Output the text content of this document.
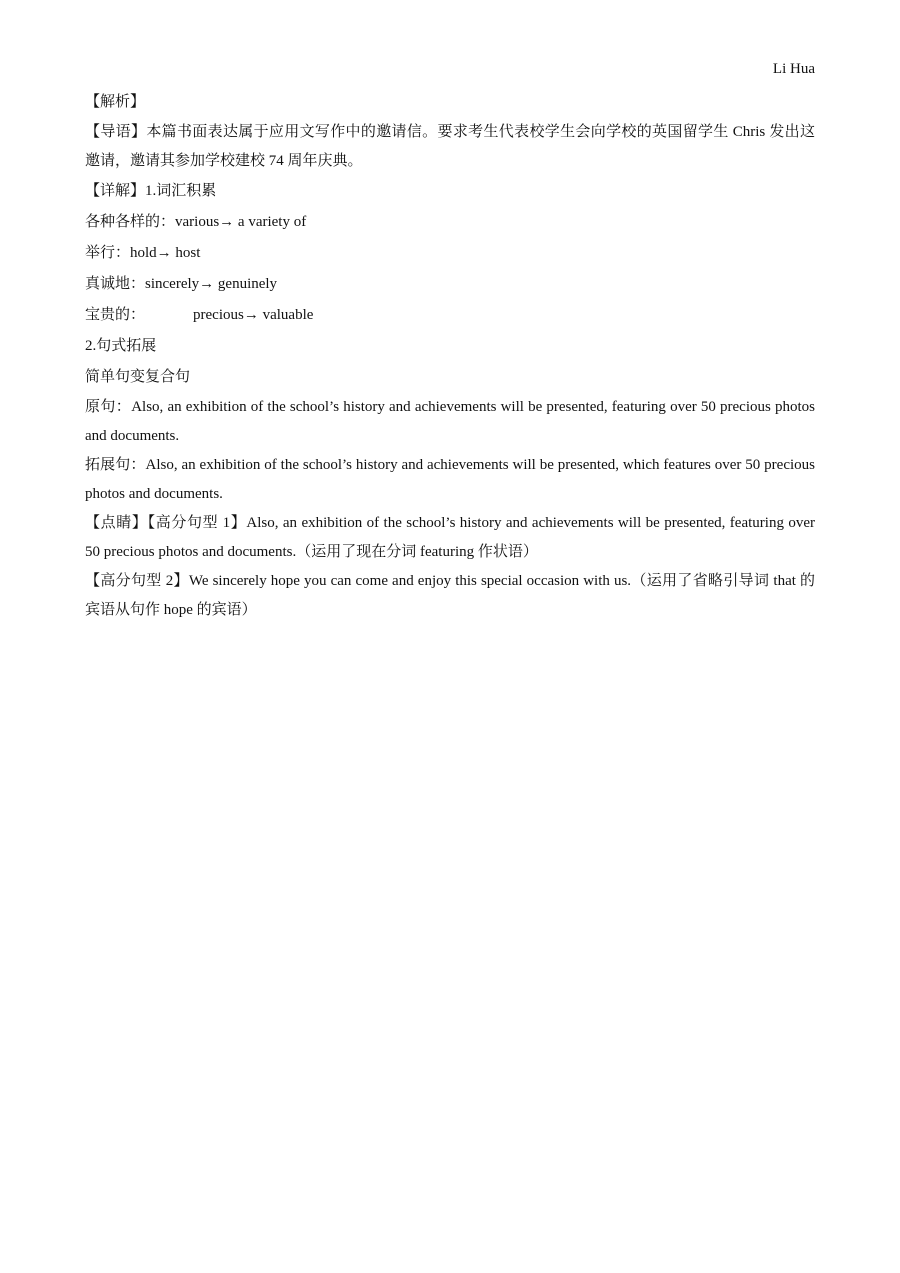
Li Hua

【解析】

【导语】本篇书面表达属于应用文写作中的邀请信。要求考生代表校学生会向学校的英国留学生 Chris 发出这邀请，邀请其参加学校建校 74 周年庆典。

【详解】1.词汇积累

各种各样的：various→ a variety of

举行：hold→ host

真诚地：sincerely→ genuinely

宝贵的：	precious→ valuable

2.句式拓展

简单句变复合句

原句：Also, an exhibition of the school’s history and achievements will be presented, featuring over 50 precious photos and documents.

拓展句：Also, an exhibition of the school’s history and achievements will be presented, which features over 50 precious photos and documents.

【点睛】【高分句型 1】Also, an exhibition of the school’s history and achievements will be presented, featuring over 50 precious photos and documents.（运用了现在分词 featuring 作状语）

【高分句型 2】We sincerely hope you can come and enjoy this special occasion with us.（运用了省略引导词 that 的宾语从句作 hope 的宾语）
